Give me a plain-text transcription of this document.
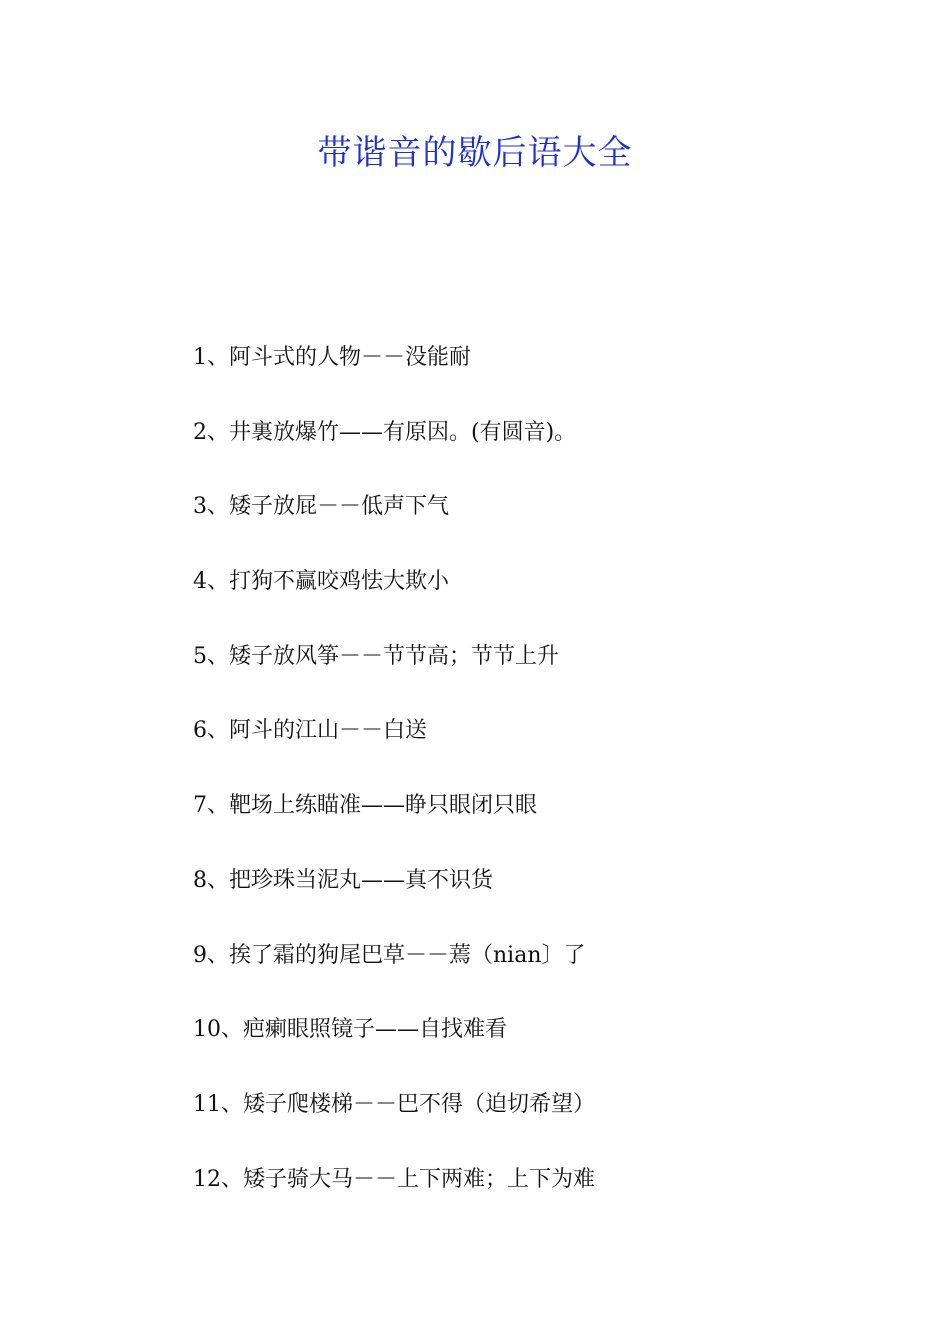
带谐音的歇后语大全
1、阿斗式的人物－－没能耐
2、井裏放爆竹——有原因。(有圆音)。
3、矮子放屁－－低声下气
4、打狗不赢咬鸡怯大欺小
5、矮子放风筝－－节节高；节节上升
6、阿斗的江山－－白送
7、靶场上练瞄准——睁只眼闭只眼
8、把珍珠当泥丸——真不识货
9、挨了霜的狗尾巴草－－蔫（nian〕了
10、疤瘌眼照镜子——自找难看
11、矮子爬楼梯－－巴不得（迫切希望）
12、矮子骑大马－－上下两难；上下为难
